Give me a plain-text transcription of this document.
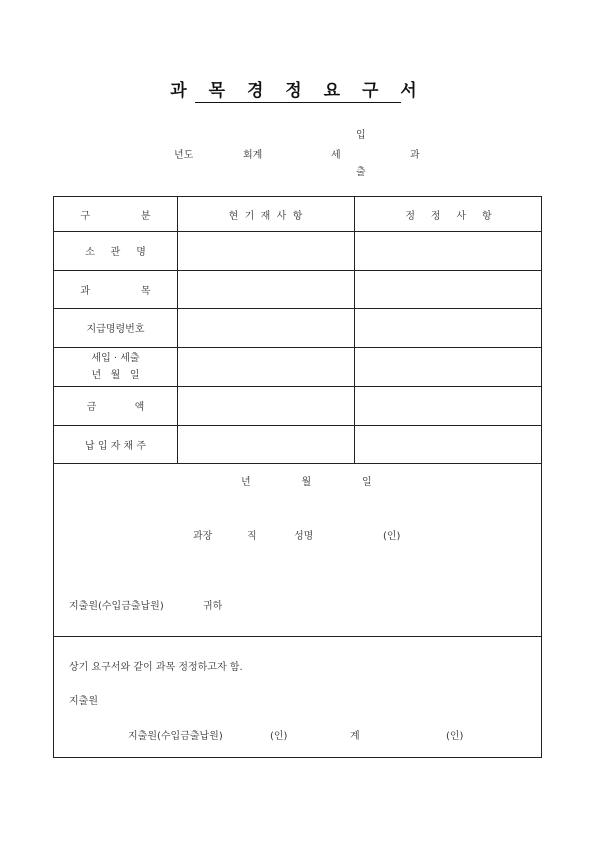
과 목 경 정 요 구 서
입
년도	회계	세	과
출
구                분	현  기  재  사  항	정     정     사     항
소     관     명
과                목
지급명령번호
세입 · 세출
년   월   일
금            액
납 입 자 채 주
년                월                일
과장	직	성명	(인)
지출원(수입금출납원)	귀하
상기 요구서와 같이 과목 정정하고자 함.
지출원
지출원(수입금출납원)	(인)	계	(인)
